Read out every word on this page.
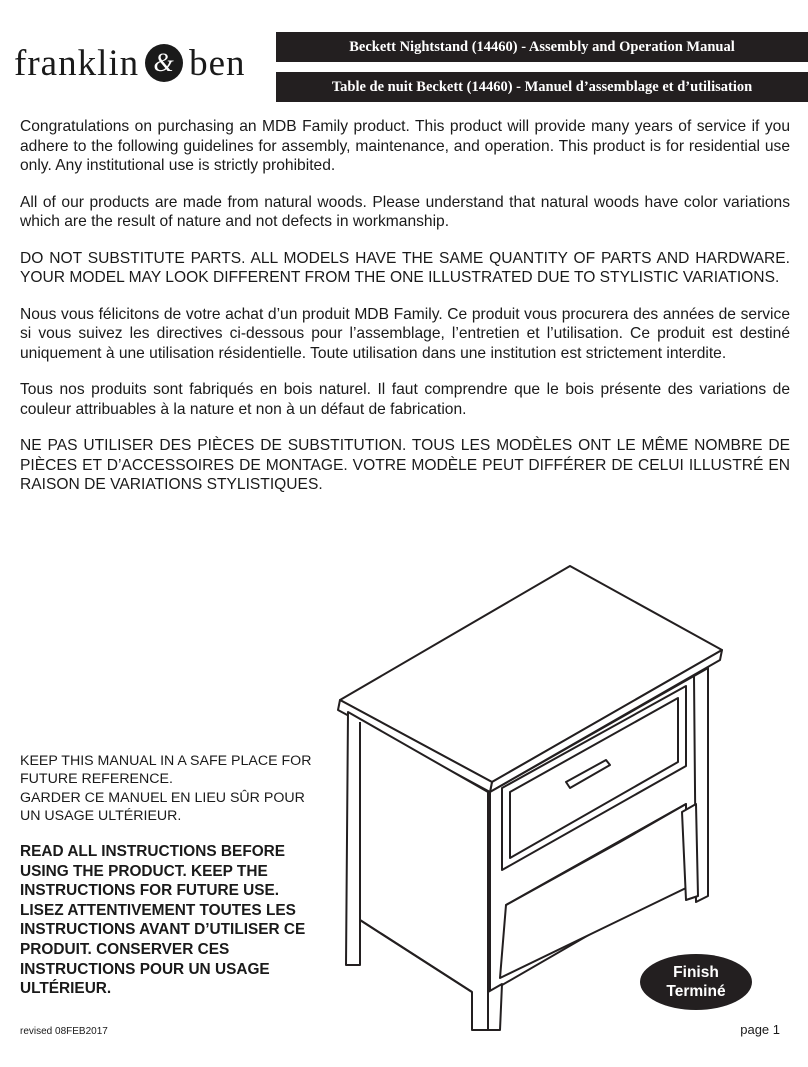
franklin & ben	Beckett Nightstand (14460) - Assembly and Operation Manual
Table de nuit Beckett (14460) - Manuel d’assemblage et d’utilisation

Congratulations on purchasing an MDB Family product. This product will provide many years of service if you adhere to the following guidelines for assembly, maintenance, and operation. This product is for residential use only. Any institutional use is strictly prohibited.

All of our products are made from natural woods. Please understand that natural woods have color variations which are the result of nature and not defects in workmanship.

DO NOT SUBSTITUTE PARTS. ALL MODELS HAVE THE SAME QUANTITY OF PARTS AND HARDWARE. YOUR MODEL MAY LOOK DIFFERENT FROM THE ONE ILLUSTRATED DUE TO STYLISTIC VARIATIONS.

Nous vous félicitons de votre achat d’un produit MDB Family. Ce produit vous procurera des années de service si vous suivez les directives ci-dessous pour l’assemblage, l’entretien et l’utilisation. Ce produit est destiné uniquement à une utilisation résidentielle. Toute utilisation dans une institution est strictement interdite.

Tous nos produits sont fabriqués en bois naturel. Il faut comprendre que le bois présente des variations de couleur attribuables à la nature et non à un défaut de fabrication.

NE PAS UTILISER DES PIÈCES DE SUBSTITUTION. TOUS LES MODÈLES ONT LE MÊME NOMBRE DE PIÈCES ET D’ACCESSOIRES DE MONTAGE. VOTRE MODÈLE PEUT DIFFÉRER DE CELUI ILLUSTRÉ EN RAISON DE VARIATIONS STYLISTIQUES.

KEEP THIS MANUAL IN A SAFE PLACE FOR FUTURE REFERENCE.

GARDER CE MANUEL EN LIEU SÛR POUR UN USAGE ULTÉRIEUR.

READ ALL INSTRUCTIONS BEFORE USING THE PRODUCT. KEEP THE INSTRUCTIONS FOR FUTURE USE.

LISEZ ATTENTIVEMENT TOUTES LES INSTRUCTIONS AVANT D’UTILISER CE PRODUIT. CONSERVER CES INSTRUCTIONS POUR UN USAGE ULTÉRIEUR.

Finish
Terminé
revised 08FEB2017	page 1
